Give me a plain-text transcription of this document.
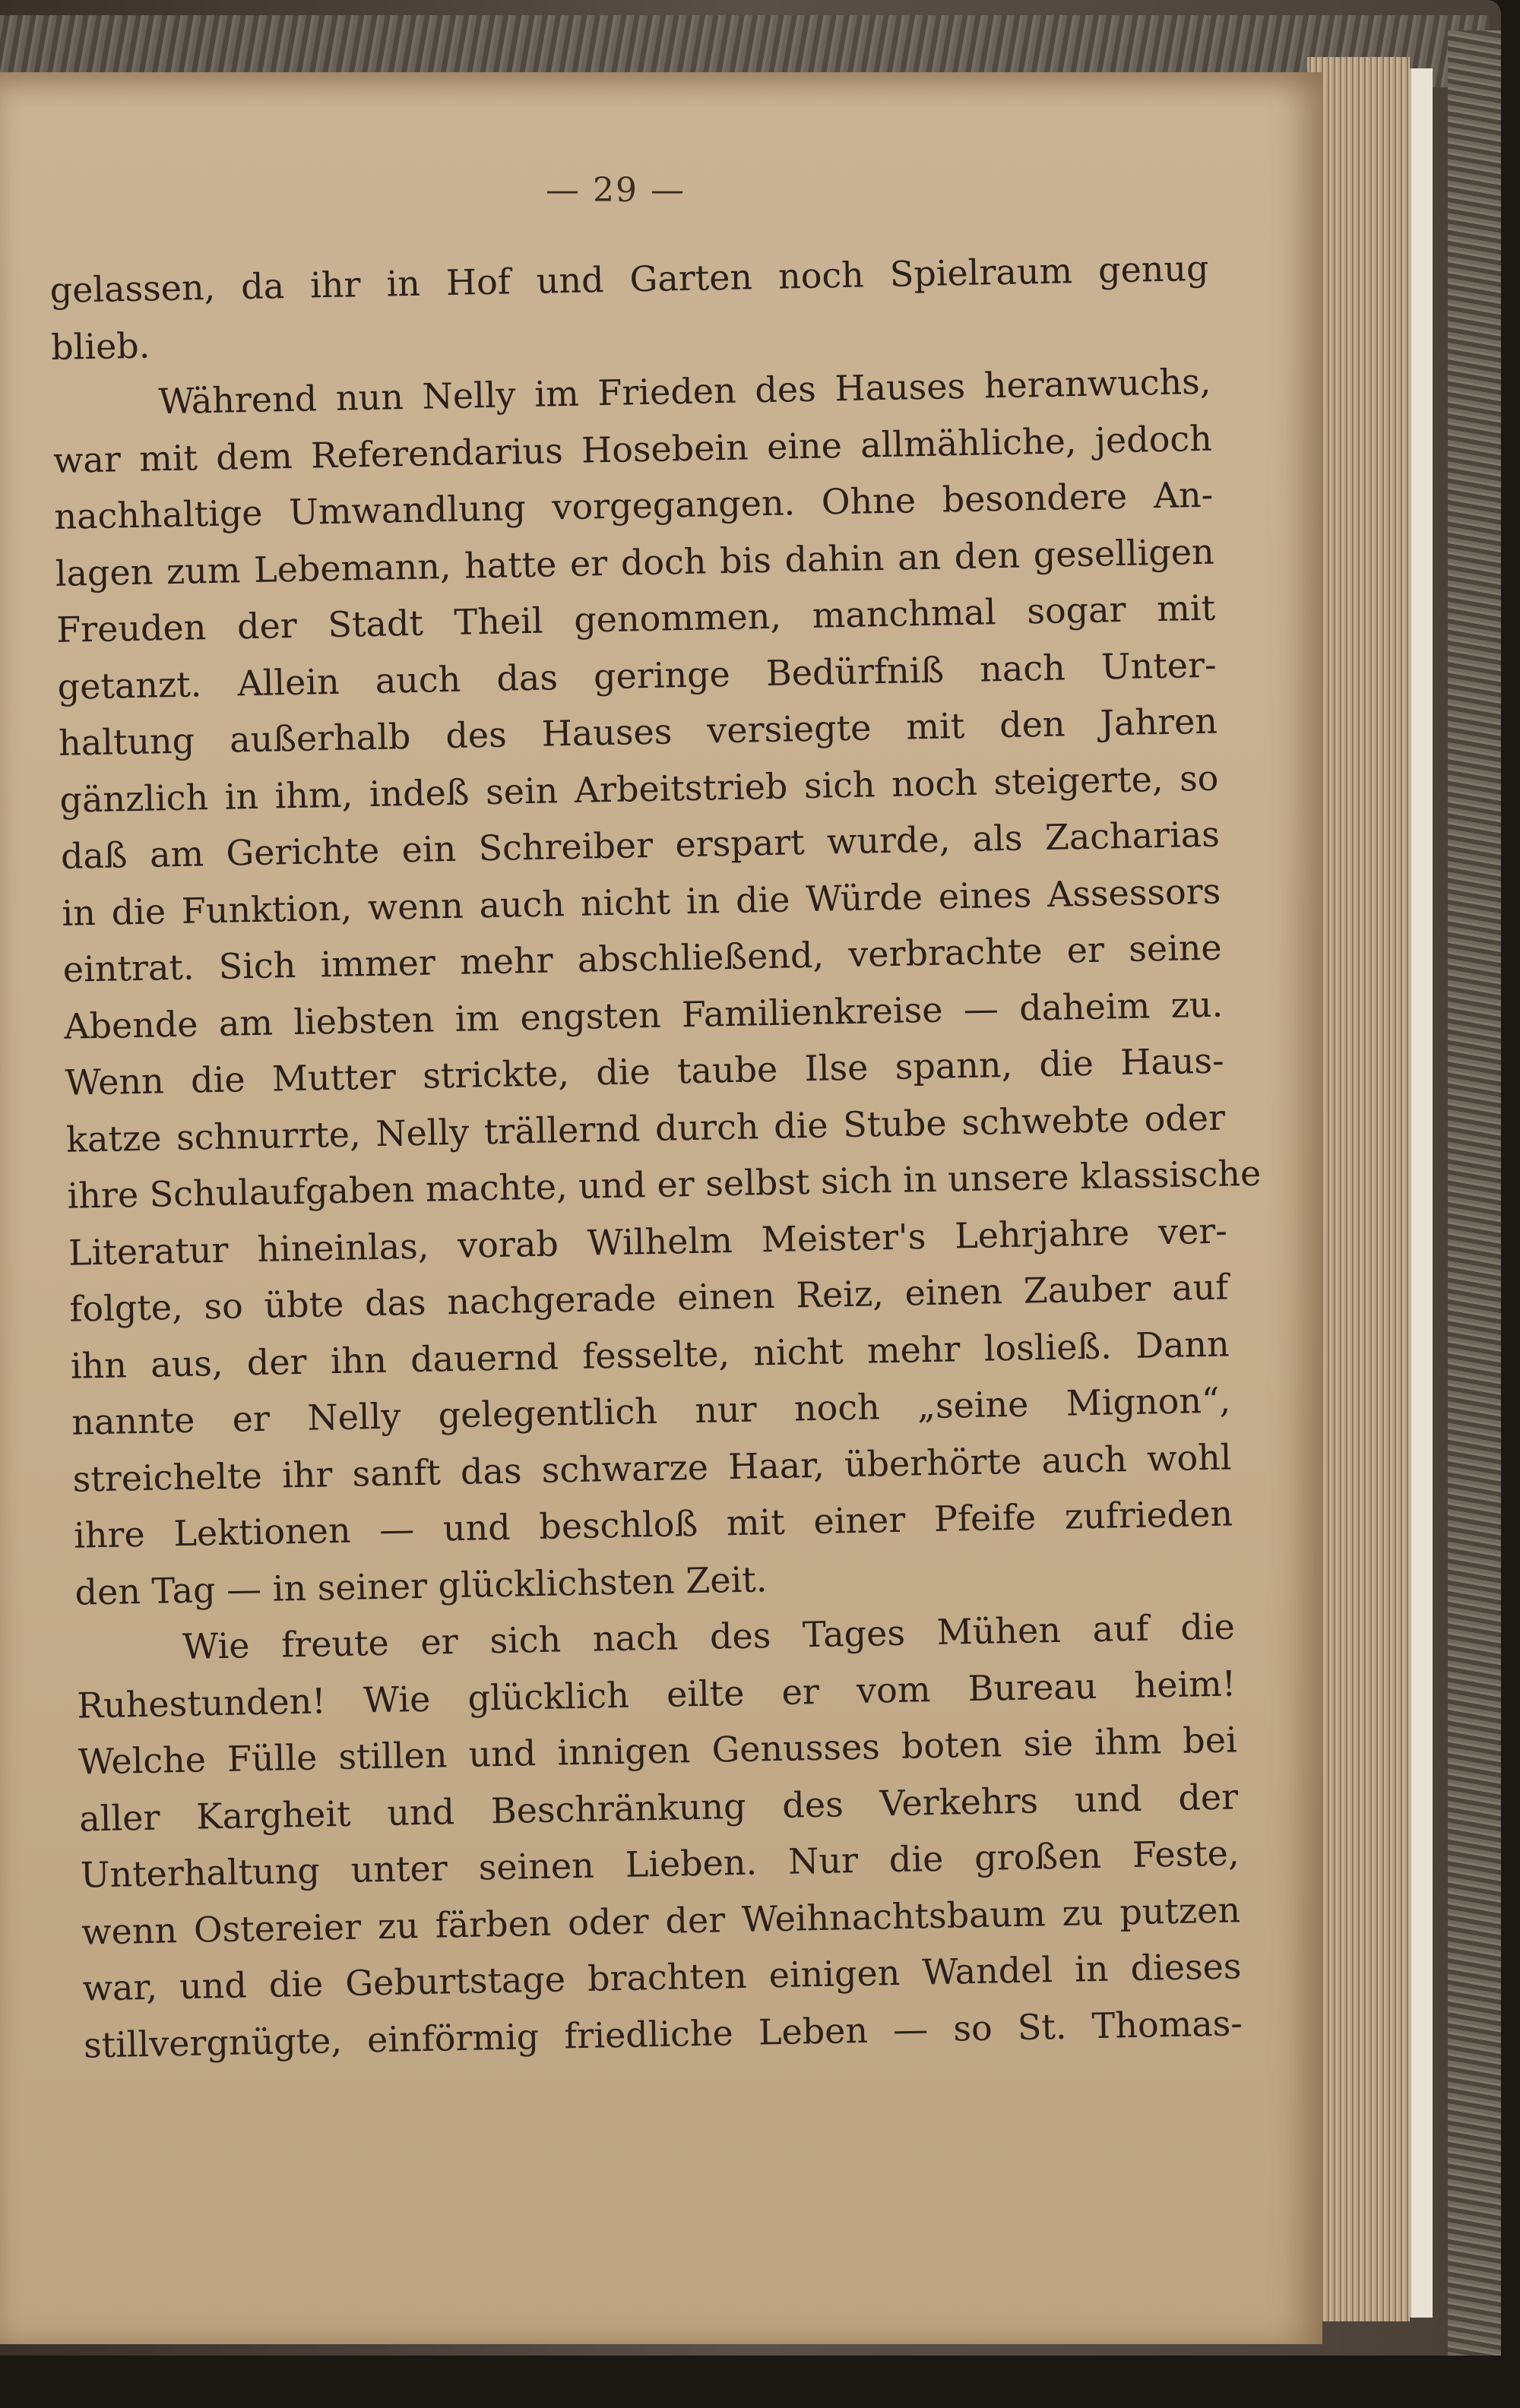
— 29 —
gelassen, da ihr in Hof und Garten noch Spielraum genug
blieb.
Während nun Nelly im Frieden des Hauses heranwuchs,
war mit dem Referendarius Hosebein eine allmähliche, jedoch
nachhaltige Umwandlung vorgegangen. Ohne besondere An-
lagen zum Lebemann, hatte er doch bis dahin an den geselligen
Freuden der Stadt Theil genommen, manchmal sogar mit
getanzt. Allein auch das geringe Bedürfniß nach Unter-
haltung außerhalb des Hauses versiegte mit den Jahren
gänzlich in ihm, indeß sein Arbeitstrieb sich noch steigerte, so
daß am Gerichte ein Schreiber erspart wurde, als Zacharias
in die Funktion, wenn auch nicht in die Würde eines Assessors
eintrat. Sich immer mehr abschließend, verbrachte er seine
Abende am liebsten im engsten Familienkreise — daheim zu.
Wenn die Mutter strickte, die taube Ilse spann, die Haus-
katze schnurrte, Nelly trällernd durch die Stube schwebte oder
ihre Schulaufgaben machte, und er selbst sich in unsere klassische
Literatur hineinlas, vorab Wilhelm Meister's Lehrjahre ver-
folgte, so übte das nachgerade einen Reiz, einen Zauber auf
ihn aus, der ihn dauernd fesselte, nicht mehr losließ. Dann
nannte er Nelly gelegentlich nur noch „seine Mignon“,
streichelte ihr sanft das schwarze Haar, überhörte auch wohl
ihre Lektionen — und beschloß mit einer Pfeife zufrieden
den Tag — in seiner glücklichsten Zeit.
Wie freute er sich nach des Tages Mühen auf die
Ruhestunden! Wie glücklich eilte er vom Bureau heim!
Welche Fülle stillen und innigen Genusses boten sie ihm bei
aller Kargheit und Beschränkung des Verkehrs und der
Unterhaltung unter seinen Lieben. Nur die großen Feste,
wenn Ostereier zu färben oder der Weihnachtsbaum zu putzen
war, und die Geburtstage brachten einigen Wandel in dieses
stillvergnügte, einförmig friedliche Leben — so St. Thomas-
